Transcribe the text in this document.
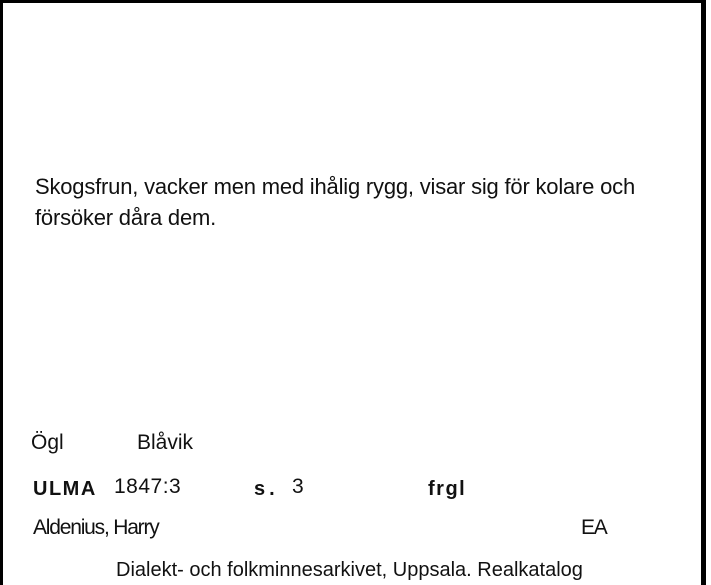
Skogsfrun, vacker men med ihålig rygg, visar sig för kolare och
försöker dåra dem.
Ögl	Blåvik
ULMA 1847:3	s. 3	frgl
Aldenius, Harry	EA
Dialekt- och folkminnesarkivet, Uppsala. Realkatalog
